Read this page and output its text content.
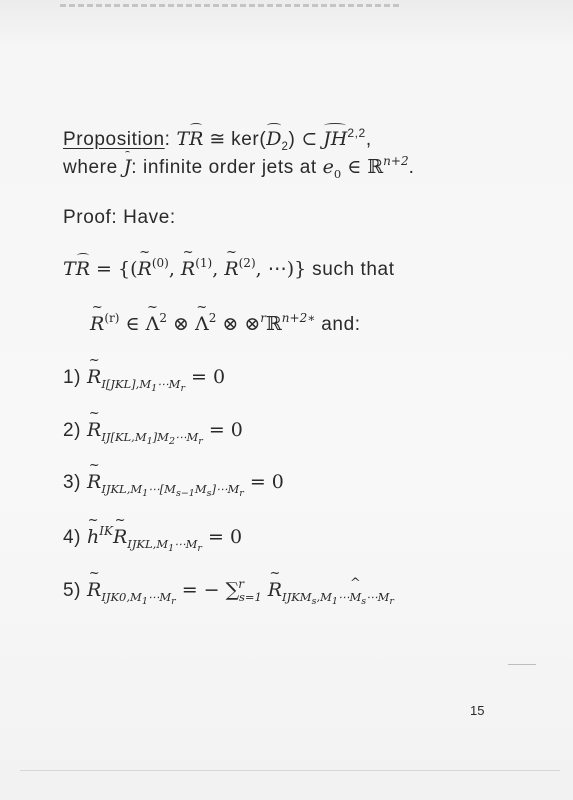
Proposition: TR ≅ $ker(D_2)$ ⊂ JH$^{2,2}$,
where J: infinite order jets at $e_0$ ∈ ℝ$^{n+2}$.
Proof: Have:
TR = {(R ~$^{(0)}$, R ~$^{(1)}$, R ~$^{(2)}$, ⋯)} such that
R ~$^{(r)}$ ∈ Λ ~$^2$ ⊗ Λ ~$^2$ ⊗ ⊗$^r$ℝ$^{n+2∗}$ and:
1) R $\sim_{I[JKL],M_1\cdots M_r} = 0$
2) R $\sim_{IJ[KL,M_1]M_2\cdots M_r} = 0$
3) R $\sim_{IJKL,M_1\cdots[M_{s-1}M_s]\cdots M_r} = 0$
4) h ~$^{IK}$R $\sim_{IJKL,M_1\cdots M_r} = 0$
5) R $\sim_{IJK0,M_1\cdots M_r}$ = − ∑$^r_{s=1}$ R $\sim_{IJKM_s,M_1\cdots M_s\cdots M_r}$
15
